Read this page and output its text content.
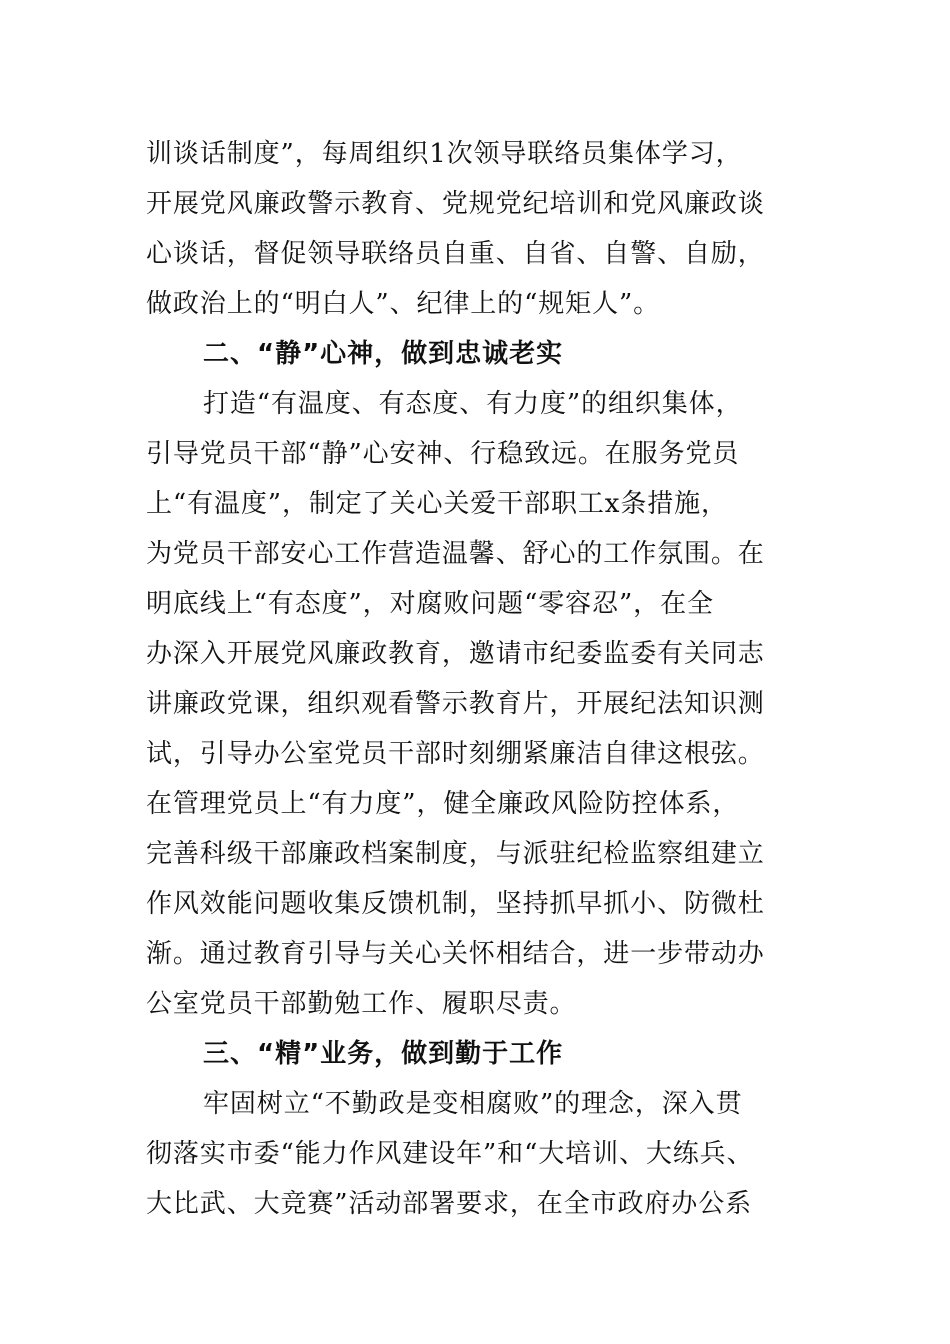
训谈话制度”，每周组织1次领导联络员集体学习，
开展党风廉政警示教育、党规党纪培训和党风廉政谈
心谈话，督促领导联络员自重、自省、自警、自励，
做政治上的“明白人”、纪律上的“规矩人”。
二、“静”心神，做到忠诚老实
打造“有温度、有态度、有力度”的组织集体，
引导党员干部“静”心安神、行稳致远。在服务党员
上“有温度”，制定了关心关爱干部职工x条措施，
为党员干部安心工作营造温馨、舒心的工作氛围。在
明底线上“有态度”，对腐败问题“零容忍”，在全
办深入开展党风廉政教育，邀请市纪委监委有关同志
讲廉政党课，组织观看警示教育片，开展纪法知识测
试，引导办公室党员干部时刻绷紧廉洁自律这根弦。
在管理党员上“有力度”，健全廉政风险防控体系，
完善科级干部廉政档案制度，与派驻纪检监察组建立
作风效能问题收集反馈机制，坚持抓早抓小、防微杜
渐。通过教育引导与关心关怀相结合，进一步带动办
公室党员干部勤勉工作、履职尽责。
三、“精”业务，做到勤于工作
牢固树立“不勤政是变相腐败”的理念，深入贯
彻落实市委“能力作风建设年”和“大培训、大练兵、
大比武、大竞赛”活动部署要求，在全市政府办公系
